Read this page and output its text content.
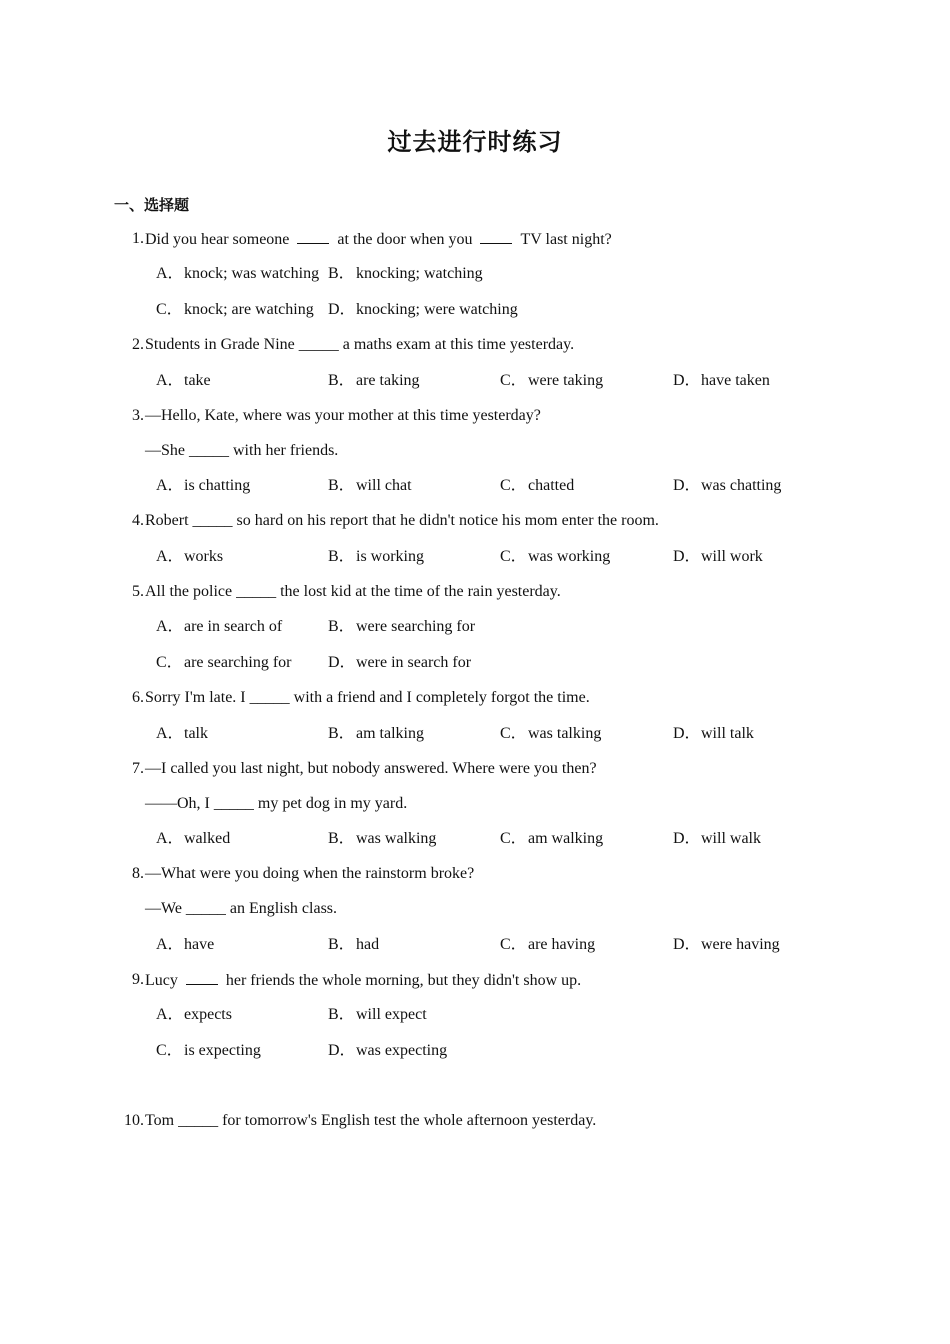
过去进行时练习
一、选择题
1. Did you hear someone	at the door when you	TV last night?
A．knock; was watching B．knocking; watching
C．knock; are watching D．knocking; were watching
2. Students in Grade Nine _____ a maths exam at this time yesterday.
A．take	B．are taking	C．were taking	D．have taken
3. —Hello, Kate, where was your mother at this time yesterday?
—She _____ with her friends.
A．is chatting	B．will chat	C．chatted	D．was chatting
4. Robert _____ so hard on his report that he didn't notice his mom enter the room.
A．works	B．is working	C．was working	D．will work
5. All the police _____ the lost kid at the time of the rain yesterday.
A．are in search of	B．were searching for
C．are searching for D．were in search for
6. Sorry I'm late. I _____ with a friend and I completely forgot the time.
A．talk	B．am talking	C．was talking	D．will talk
7. —I called you last night, but nobody answered. Where were you then?
——Oh, I _____ my pet dog in my yard.
A．walked	B．was walking	C．am walking	D．will walk
8. —What were you doing when the rainstorm broke?
—We _____ an English class.
A．have	B．had	C．are having	D．were having
9. Lucy	her friends the whole morning, but they didn't show up.
A．expects	B．will expect
C．is expecting	D．was expecting
10. Tom _____ for tomorrow's English test the whole afternoon yesterday.
